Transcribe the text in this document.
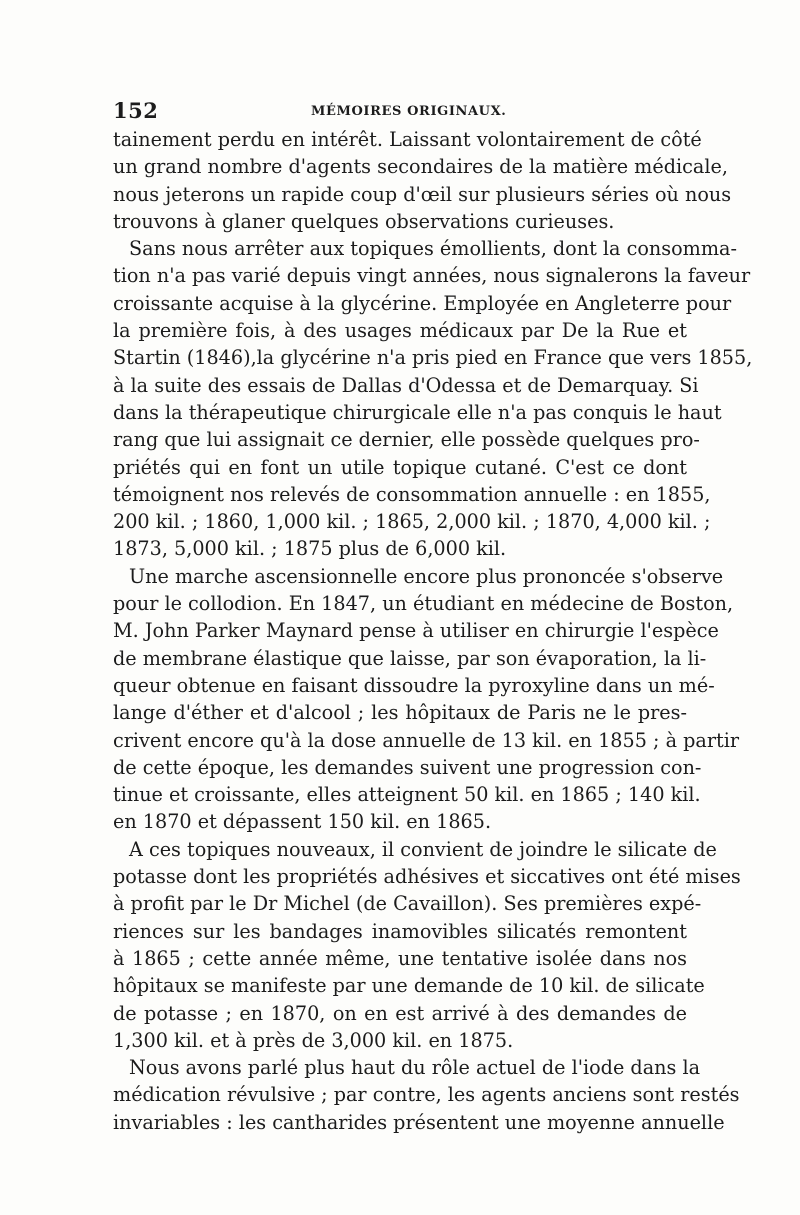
152	MÉMOIRES ORIGINAUX.
tainement perdu en intérêt. Laissant volontairement de côté
un grand nombre d'agents secondaires de la matière médicale,
nous jeterons un rapide coup d'œil sur plusieurs séries où nous
trouvons à glaner quelques observations curieuses.
Sans nous arrêter aux topiques émollients, dont la consomma-
tion n'a pas varié depuis vingt années, nous signalerons la faveur
croissante acquise à la glycérine. Employée en Angleterre pour
la première fois, à des usages médicaux par De la Rue et
Startin (1846),la glycérine n'a pris pied en France que vers 1855,
à la suite des essais de Dallas d'Odessa et de Demarquay. Si
dans la thérapeutique chirurgicale elle n'a pas conquis le haut
rang que lui assignait ce dernier, elle possède quelques pro-
priétés qui en font un utile topique cutané. C'est ce dont
témoignent nos relevés de consommation annuelle : en 1855,
200 kil. ; 1860, 1,000 kil. ; 1865, 2,000 kil. ; 1870, 4,000 kil. ;
1873, 5,000 kil. ; 1875 plus de 6,000 kil.
Une marche ascensionnelle encore plus prononcée s'observe
pour le collodion. En 1847, un étudiant en médecine de Boston,
M. John Parker Maynard pense à utiliser en chirurgie l'espèce
de membrane élastique que laisse, par son évaporation, la li-
queur obtenue en faisant dissoudre la pyroxyline dans un mé-
lange d'éther et d'alcool ; les hôpitaux de Paris ne le pres-
crivent encore qu'à la dose annuelle de 13 kil. en 1855 ; à partir
de cette époque, les demandes suivent une progression con-
tinue et croissante, elles atteignent 50 kil. en 1865 ; 140 kil.
en 1870 et dépassent 150 kil. en 1865.
A ces topiques nouveaux, il convient de joindre le silicate de
potasse dont les propriétés adhésives et siccatives ont été mises
à profit par le Dr Michel (de Cavaillon). Ses premières expé-
riences sur les bandages inamovibles silicatés remontent
à 1865 ; cette année même, une tentative isolée dans nos
hôpitaux se manifeste par une demande de 10 kil. de silicate
de potasse ; en 1870, on en est arrivé à des demandes de
1,300 kil. et à près de 3,000 kil. en 1875.
Nous avons parlé plus haut du rôle actuel de l'iode dans la
médication révulsive ; par contre, les agents anciens sont restés
invariables : les cantharides présentent une moyenne annuelle
